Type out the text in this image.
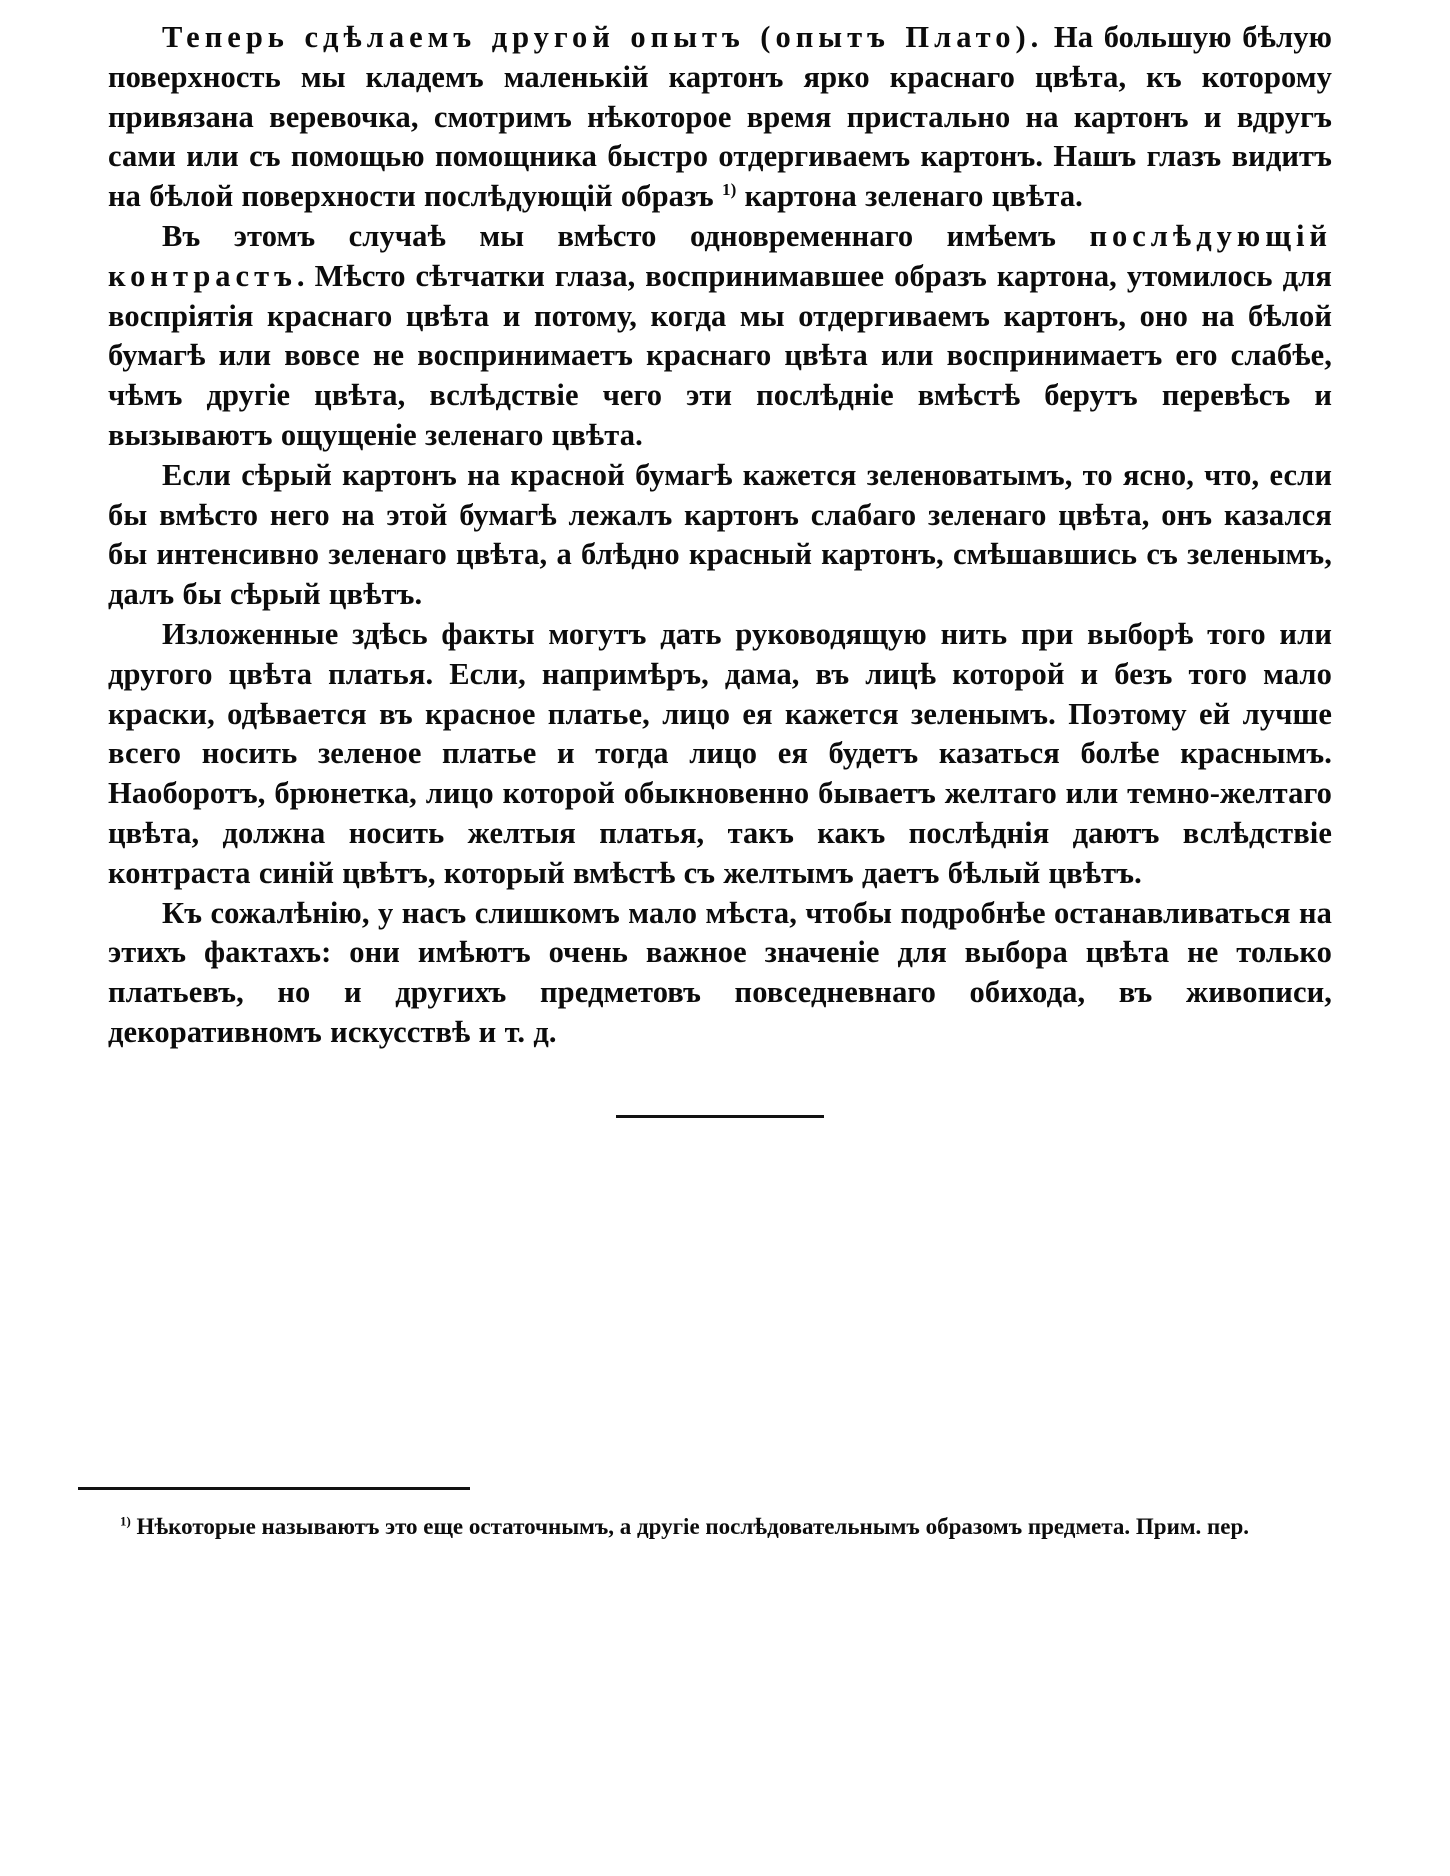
Теперь сдѣлаемъ другой опытъ (опытъ Плато). На большую бѣлую поверхность мы кладемъ маленькiй картонъ ярко краснаго цвѣта, къ которому привязана веревочка, смотримъ нѣкоторое время пристально на картонъ и вдругъ сами или съ помощью помощника быстро отдергиваемъ картонъ. Нашъ глазъ видитъ на бѣлой поверхности послѣдующiй образъ $^{1)}$ картона зеленаго цвѣта.

Въ этомъ случаѣ мы вмѣсто одновременнаго имѣемъ послѣдующiй контрастъ. Мѣсто сѣтчатки глаза, воспринимавшее образъ картона, утомилось для воспрiятiя краснаго цвѣта и потому, когда мы отдергиваемъ картонъ, оно на бѣлой бумагѣ или вовсе не воспринимаетъ краснаго цвѣта или воспринимаетъ его слабѣе, чѣмъ другiе цвѣта, вслѣдствiе чего эти послѣднiе вмѣстѣ берутъ перевѣсъ и вызываютъ ощущенiе зеленаго цвѣта.

Если сѣрый картонъ на красной бумагѣ кажется зеленоватымъ, то ясно, что, если бы вмѣсто него на этой бумагѣ лежалъ картонъ слабаго зеленаго цвѣта, онъ казался бы интенсивно зеленаго цвѣта, а блѣдно красный картонъ, смѣшавшись съ зеленымъ, далъ бы сѣрый цвѣтъ.

Изложенные здѣсь факты могутъ дать руководящую нить при выборѣ того или другого цвѣта платья. Если, напримѣръ, дама, въ лицѣ которой и безъ того мало краски, одѣвается въ красное платье, лицо ея кажется зеленымъ. Поэтому ей лучше всего носить зеленое платье и тогда лицо ея будетъ казаться болѣе краснымъ. Наоборотъ, брюнетка, лицо которой обыкновенно бываетъ желтаго или темно-желтаго цвѣта, должна носить желтыя платья, такъ какъ послѣднiя даютъ вслѣдствiе контраста синiй цвѣтъ, который вмѣстѣ съ желтымъ даетъ бѣлый цвѣтъ.

Къ сожалѣнiю, у насъ слишкомъ мало мѣста, чтобы подробнѣе останавливаться на этихъ фактахъ: они имѣютъ очень важное значенiе для выбора цвѣта не только платьевъ, но и другихъ предметовъ повседневнаго обихода, въ живописи, декоративномъ искусствѣ и т. д.

$^{1)}$ Нѣкоторые называютъ это еще остаточнымъ, а другiе послѣдовательнымъ образомъ предмета. Прим. пер.
